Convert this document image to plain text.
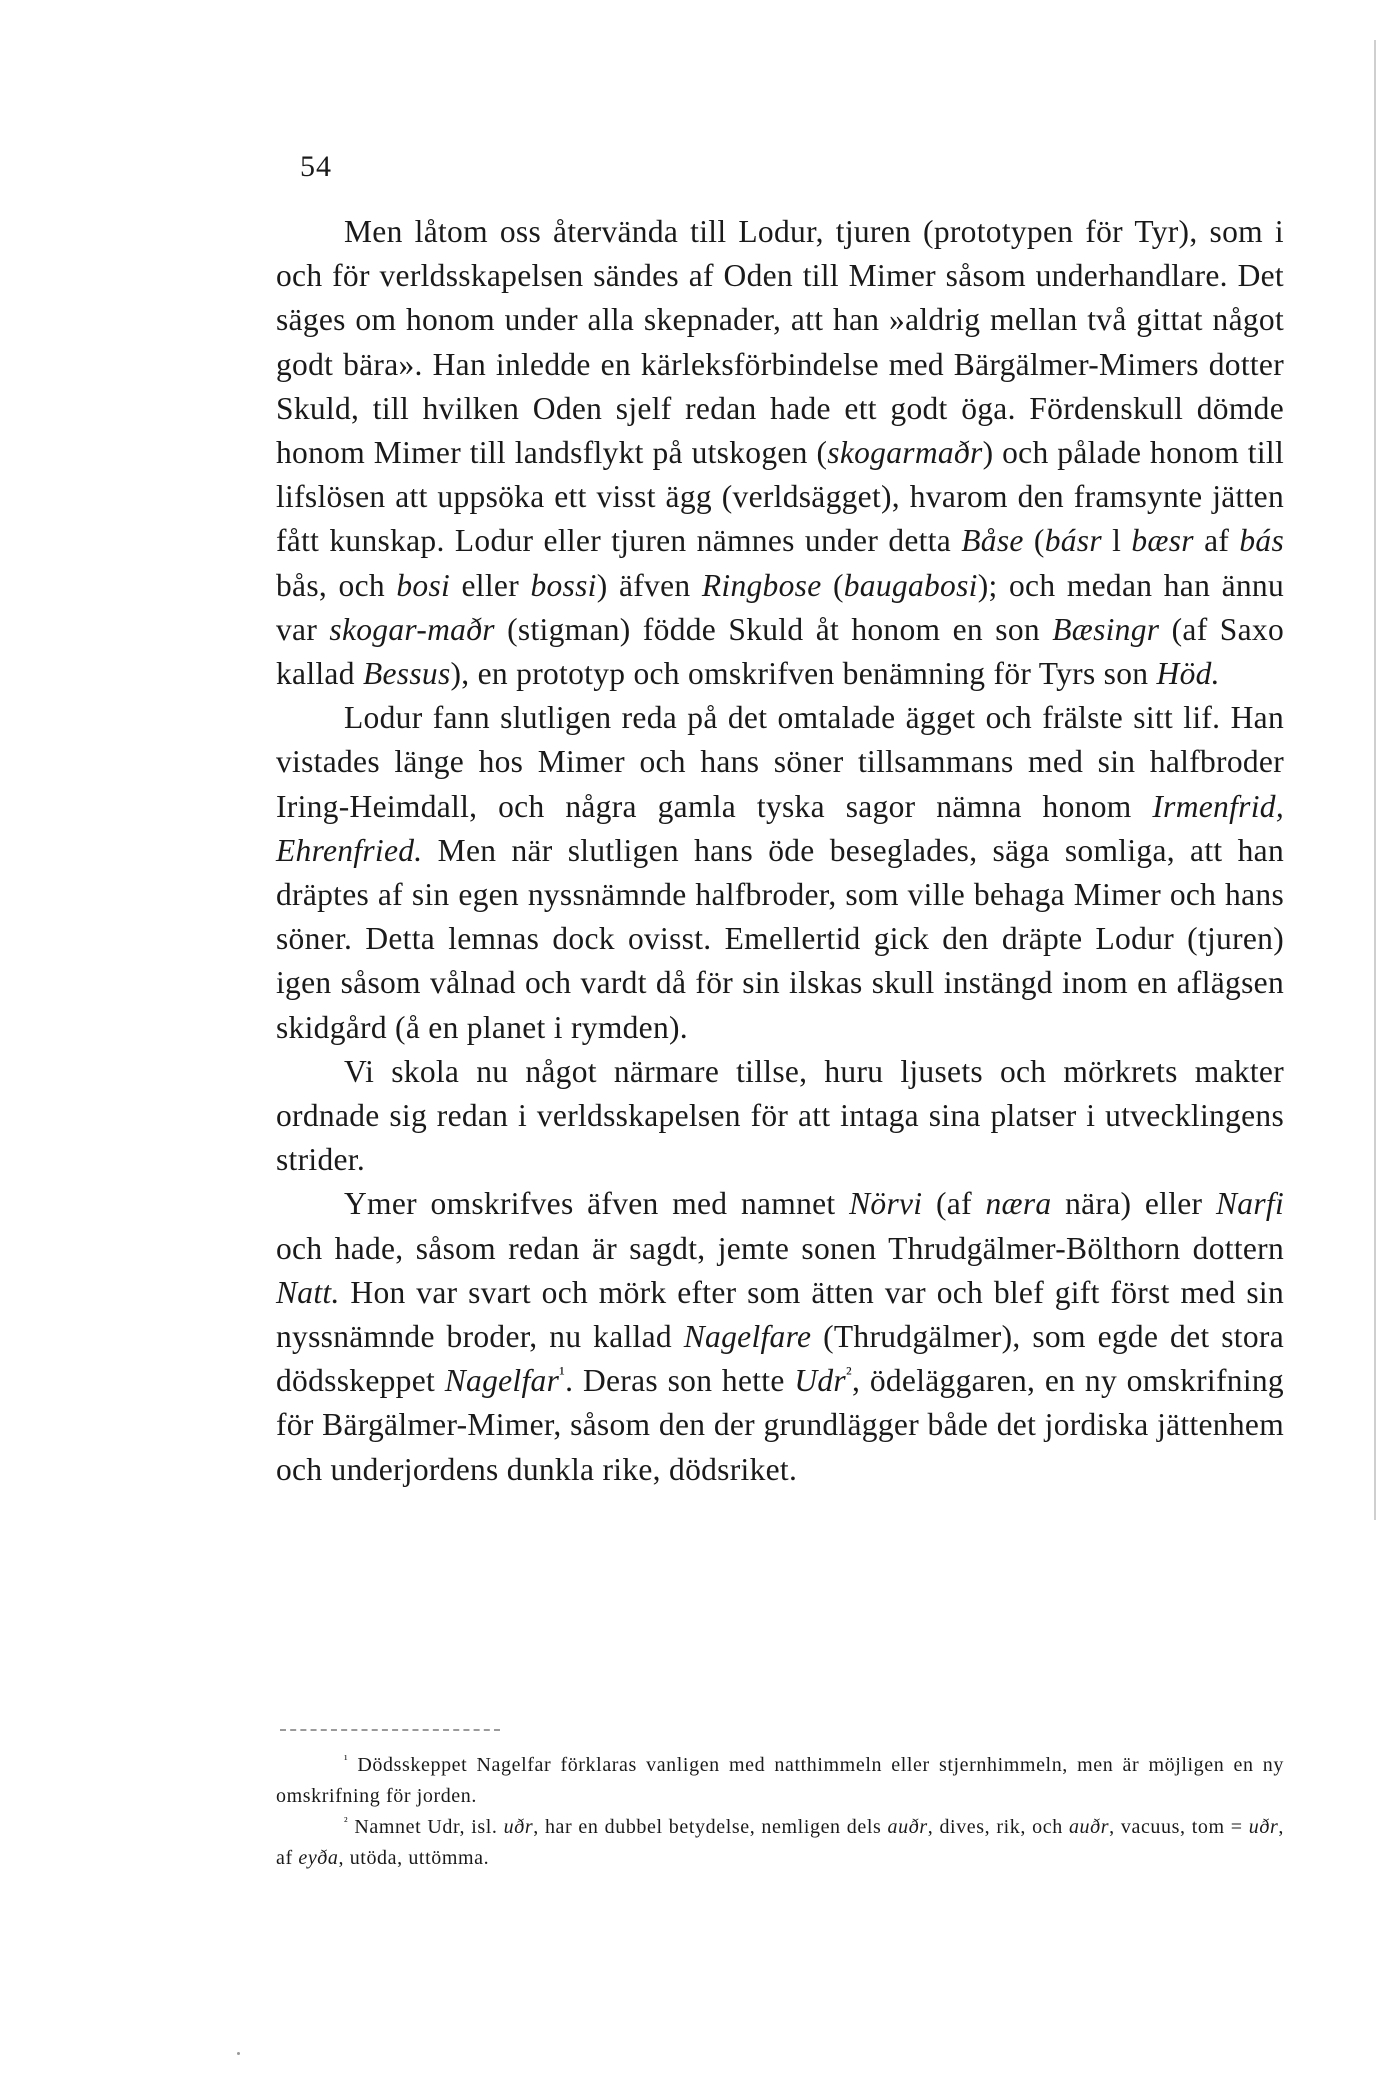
54

Men låtom oss återvända till Lodur, tjuren (prototypen för Tyr), som i och för verldsskapelsen sändes af Oden till Mimer såsom underhandlare. Det säges om honom under alla skepnader, att han »aldrig mellan två gittat något godt bära». Han inledde en kärleksförbindelse med Bärgälmer-Mimers dotter Skuld, till hvilken Oden sjelf redan hade ett godt öga. Fördenskull dömde honom Mimer till landsflykt på utskogen (skogarmaðr) och pålade honom till lifslösen att uppsöka ett visst ägg (verldsägget), hvarom den framsynte jätten fått kunskap. Lodur eller tjuren nämnes under detta Båse (básr l bæsr af bás bås, och bosi eller bossi) äfven Ringbose (baugabosi); och medan han ännu var skogar-maðr (stigman) födde Skuld åt honom en son Bæsingr (af Saxo kallad Bessus), en prototyp och omskrifven benämning för Tyrs son Höd.

Lodur fann slutligen reda på det omtalade ägget och frälste sitt lif. Han vistades länge hos Mimer och hans söner tillsammans med sin halfbroder Iring-Heimdall, och några gamla tyska sagor nämna honom Irmenfrid, Ehrenfried. Men när slutligen hans öde beseglades, säga somliga, att han dräptes af sin egen nyssnämnde halfbroder, som ville behaga Mimer och hans söner. Detta lemnas dock ovisst. Emellertid gick den dräpte Lodur (tjuren) igen såsom vålnad och vardt då för sin ilskas skull instängd inom en aflägsen skidgård (å en planet i rymden).

Vi skola nu något närmare tillse, huru ljusets och mörkrets makter ordnade sig redan i verldsskapelsen för att intaga sina platser i utvecklingens strider.

Ymer omskrifves äfven med namnet Nörvi (af næra nära) eller Narfi och hade, såsom redan är sagdt, jemte sonen Thrudgälmer-Bölthorn dottern Natt. Hon var svart och mörk efter som ätten var och blef gift först med sin nyssnämnde broder, nu kallad Nagelfare (Thrudgälmer), som egde det stora dödsskeppet Nagelfar$^{^1}$. Deras son hette Udr$^{^2}$, ödeläggaren, en ny omskrifning för Bärgälmer-Mimer, såsom den der grundlägger både det jordiska jättenhem och underjordens dunkla rike, dödsriket.

$^{^1}$ Dödsskeppet Nagelfar förklaras vanligen med natthimmeln eller stjernhimmeln, men är möjligen en ny omskrifning för jorden.

$^{^2}$ Namnet Udr, isl. uðr, har en dubbel betydelse, nemligen dels auðr, dives, rik, och auðr, vacuus, tom = uðr, af eyða, utöda, uttömma.
